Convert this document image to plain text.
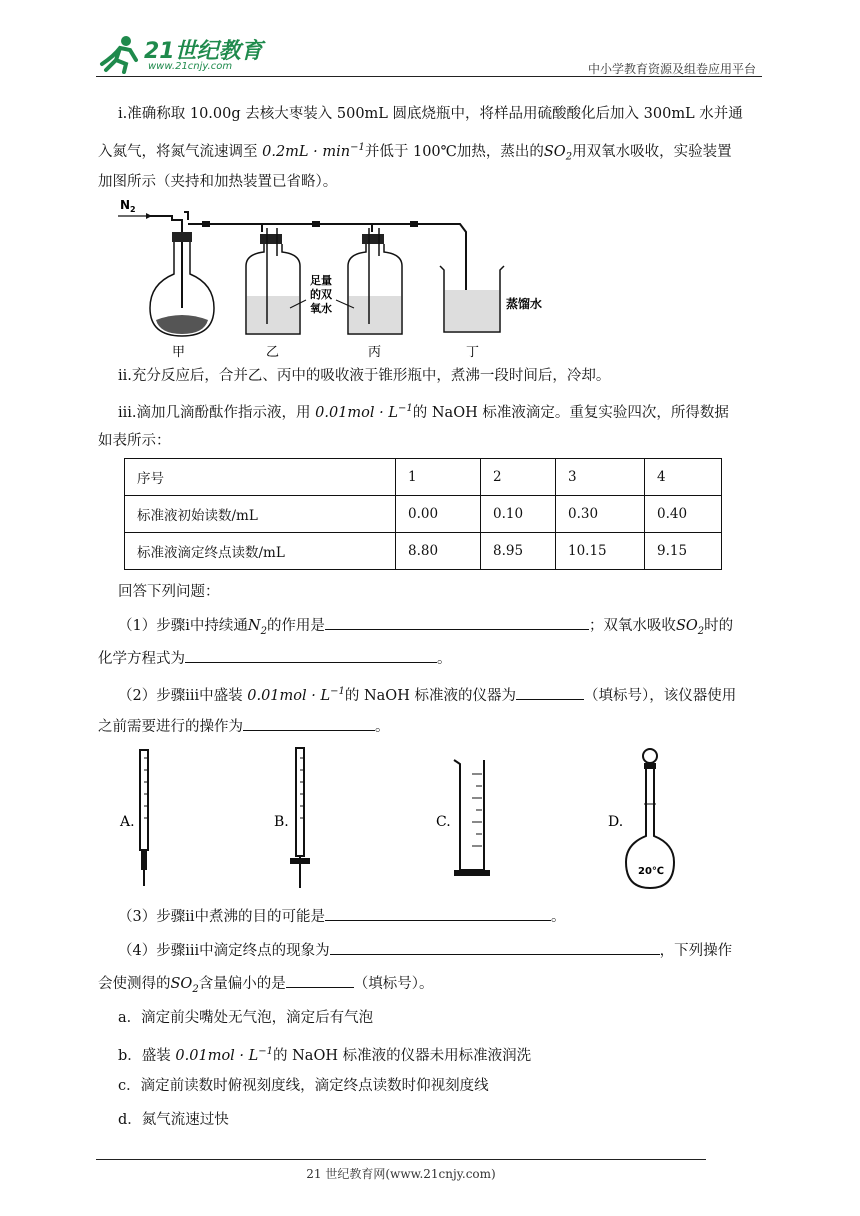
21世纪教育
www.21cnjy.com	中小学教育资源及组卷应用平台
i.准确称取 10.00g 去核大枣装入 500mL 圆底烧瓶中，将样品用硫酸酸化后加入 300mL 水并通
入氮气，将氮气流速调至 $0.2mL \cdot \min^{-1}$并低于 100℃加热，蒸出的$SO_2$用双氧水吸收，实验装置
加图所示（夹持和加热装置已省略）。
$N_2$
足量
的双
氧水	蒸馏水
甲	乙	丙	丁
ii.充分反应后，合并乙、丙中的吸收液于锥形瓶中，煮沸一段时间后，冷却。
iii.滴加几滴酚酞作指示液，用 $0.01mol \cdot L^{-1}$的 NaOH 标准液滴定。重复实验四次，所得数据
如表所示：
序号	1	2	3	4
标准液初始读数/mL	0.00	0.10	0.30	0.40
标准液滴定终点读数/mL	8.80	8.95	10.15	9.15
回答下列问题：
（1）步骤i中持续通$N_2$的作用是	；双氧水吸收$SO_2$时的
化学方程式为	。
（2）步骤iii中盛装 $0.01mol \cdot L^{-1}$的 NaOH 标准液的仪器为	（填标号），该仪器使用
之前需要进行的操作为	。
A.	B.	C.	D.
20℃
（3）步骤ii中煮沸的目的可能是	。
（4）步骤iii中滴定终点的现象为	，下列操作
会使测得的$SO_2$含量偏小的是	（填标号）。
a．滴定前尖嘴处无气泡，滴定后有气泡
b．盛装 $0.01mol \cdot L^{-1}$的 NaOH 标准液的仪器未用标准液润洗
c．滴定前读数时俯视刻度线，滴定终点读数时仰视刻度线
d．氮气流速过快
21 世纪教育网(www.21cnjy.com)
